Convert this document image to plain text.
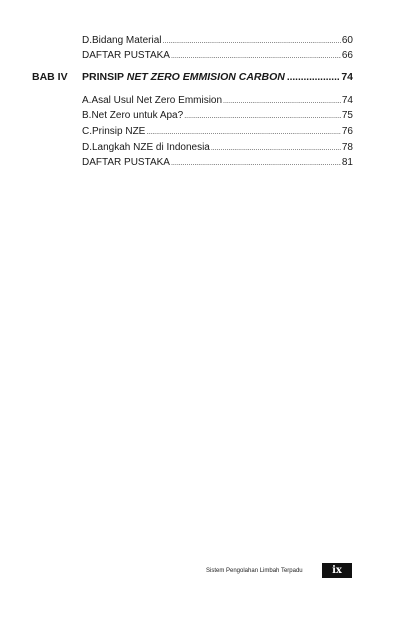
D. Bidang Material .....	60
DAFTAR PUSTAKA .....	66
BAB IV PRINSIP NET ZERO EMMISION CARBON .....	74
A. Asal Usul Net Zero Emmision .....	74
B. Net Zero untuk Apa? .....	75
C. Prinsip NZE .....	76
D. Langkah NZE di Indonesia .....	78
DAFTAR PUSTAKA .....	81
Sistem Pengolahan Limbah Terpadu	ix
